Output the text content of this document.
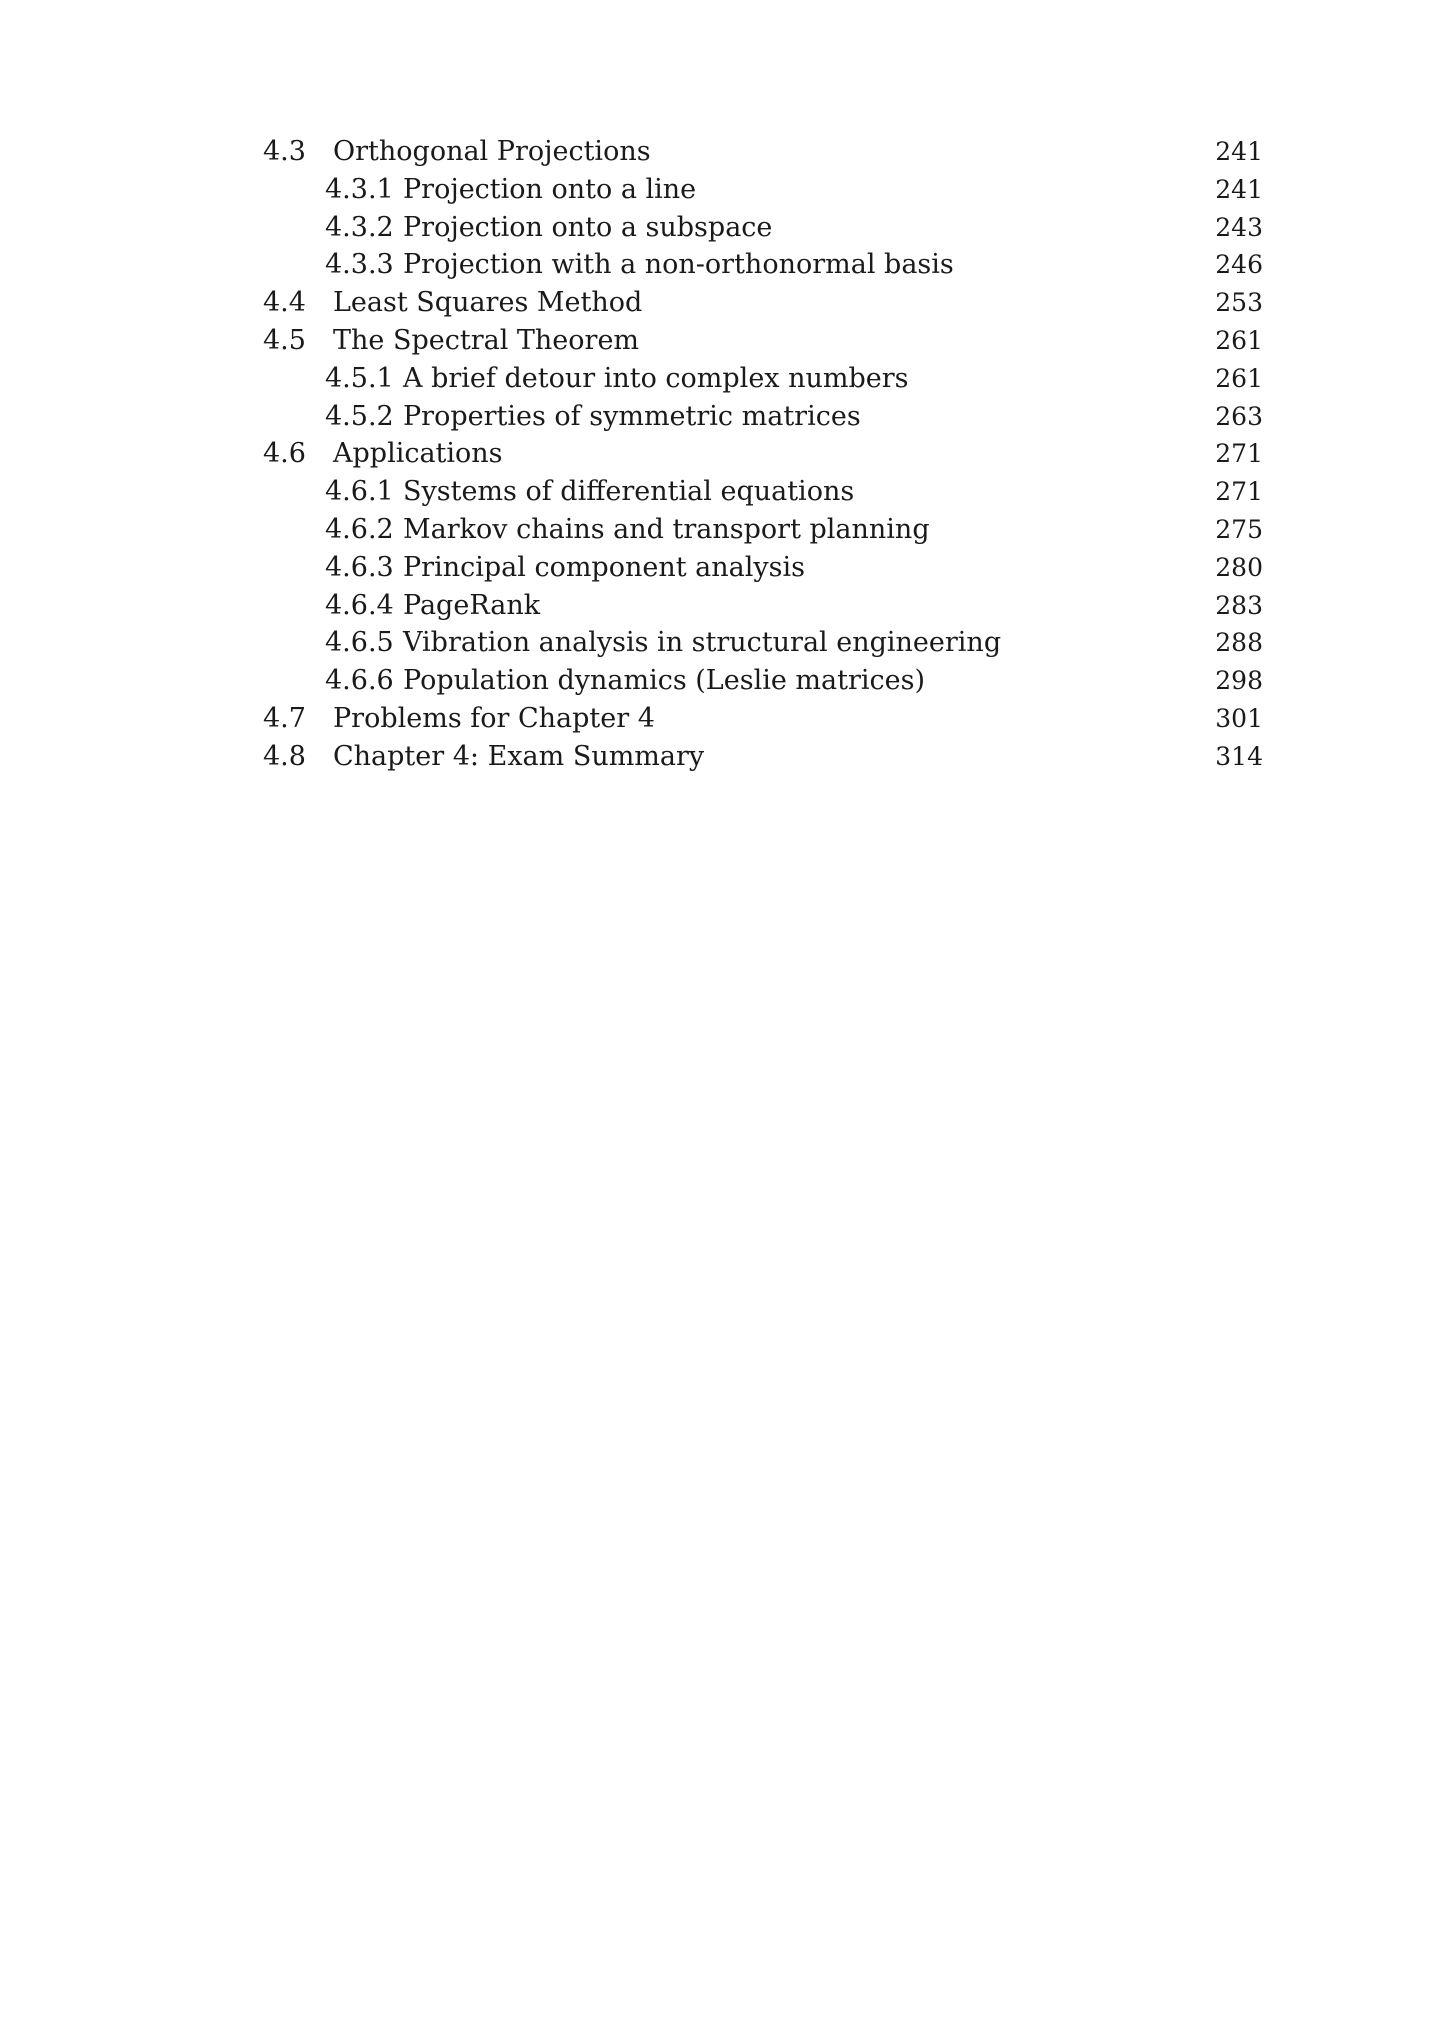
4.3 Orthogonal Projections	241
4.3.1 Projection onto a line	241
4.3.2 Projection onto a subspace	243
4.3.3 Projection with a non-orthonormal basis	246
4.4 Least Squares Method	253
4.5 The Spectral Theorem	261
4.5.1 A brief detour into complex numbers	261
4.5.2 Properties of symmetric matrices	263
4.6 Applications	271
4.6.1 Systems of differential equations	271
4.6.2 Markov chains and transport planning	275
4.6.3 Principal component analysis	280
4.6.4 PageRank	283
4.6.5 Vibration analysis in structural engineering	288
4.6.6 Population dynamics (Leslie matrices)	298
4.7 Problems for Chapter 4	301
4.8 Chapter 4: Exam Summary	314
